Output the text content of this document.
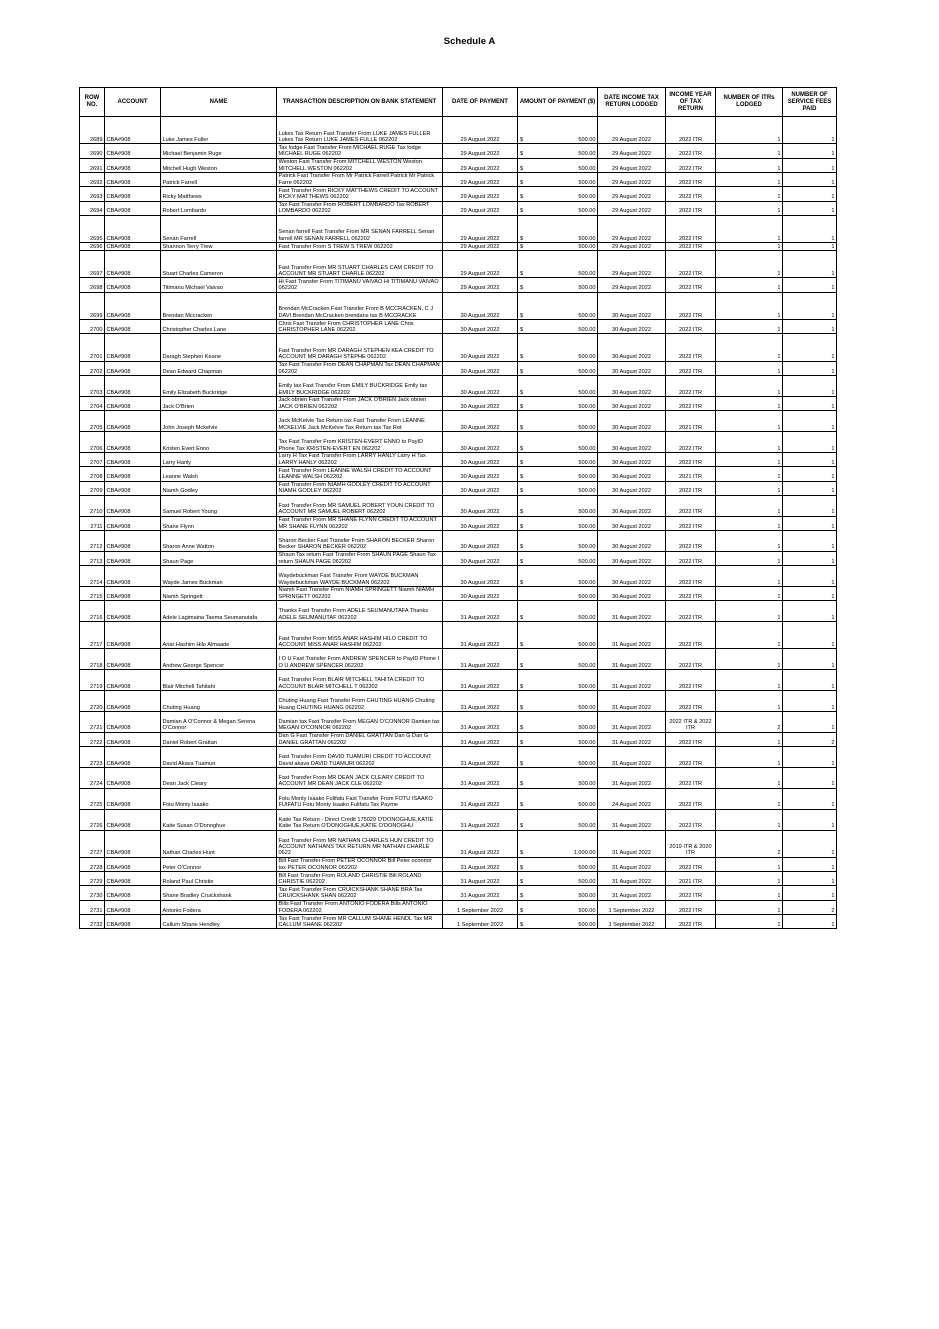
Schedule A
ROW NO.	ACCOUNT	NAME	TRANSACTION DESCRIPTION ON BANK STATEMENT	DATE OF PAYMENT	AMOUNT OF PAYMENT ($)	DATE INCOME TAX RETURN LODGED	INCOME YEAR OF TAX RETURN	NUMBER OF ITRs LODGED	NUMBER OF SERVICE FEES PAID
2689	CBA#908	Luke James Fuller	Lukes Tax Return Fast Transfer From LUKE JAMES FULLER Lukes Tax Return LUKE JAMES FULLE 062202	29 August 2022	$ 500.00	29 August 2022	2022 ITR	1	1
2690	CBA#908	Michael Benjamin Ruge	Tax lodge Fast Transfer From MICHAEL RUGE Tax lodge MICHAEL RUGE 062202	29 August 2022	$ 500.00	29 August 2022	2022 ITR	1	1
2691	CBA#908	Mitchell Hugh Weston	Weston Fast Transfer From MITCHELL WESTON Weston MITCHELL WESTON 062202	29 August 2022	$ 500.00	29 August 2022	2022 ITR	1	1
2692	CBA#908	Patrick Farrell	Patrick Fast Transfer From Mr Patrick Farrell Patrick Mr Patrick Farre 062202	29 August 2022	$ 500.00	29 August 2022	2022 ITR	1	1
2693	CBA#908	Ricky Matthews	Fast Transfer From RICKY MATTHEWS CREDIT TO ACCOUNT RICKY MATTHEWS 062202	29 August 2022	$ 500.00	29 August 2022	2022 ITR	1	1
2694	CBA#908	Robert Lombardo	Tax Fast Transfer From ROBERT LOMBARDO Tax ROBERT LOMBARDO 062202	29 August 2022	$ 500.00	29 August 2022	2022 ITR	1	1
2695	CBA#908	Senan Farrell	Senan farrell Fast Transfer From MR SENAN FARRELL Senan farrell MR SENAN FARRELL 062202	29 August 2022	$ 500.00	29 August 2022	2022 ITR	1	1
2696	CBA#908	Shannon Terry Trew	Fast Transfer From S TREW S TREW 062202	29 August 2022	$ 500.00	29 August 2022	2022 ITR	1	1
2697	CBA#908	Stuart Charles Cameron	Fast Transfer From MR STUART CHARLES CAM CREDIT TO ACCOUNT MR STUART CHARLE 062202	29 August 2022	$ 500.00	29 August 2022	2022 ITR	1	1
2698	CBA#908	Titimanu Michael Vaivao	Hi Fast Transfer From TITIMANU VAIVAO Hi TITIMANU VAIVAO 062202	29 August 2022	$ 500.00	29 August 2022	2022 ITR	1	1
2699	CBA#908	Brendan Mccracken	Brendan McCracken Fast Transfer From B MCCRACKEN, C J DAVI Brendan McCracken brendans tax B MCCRACKE	30 August 2022	$ 500.00	30 August 2022	2022 ITR	1	1
2700	CBA#908	Christopher Charles Lane	Chris Fast Transfer From CHRISTOPHER LANE Chris CHRISTOPHER LANE 062202	30 August 2022	$ 500.00	30 August 2022	2022 ITR	1	1
2701	CBA#908	Daragh Stephen Keane	Fast Transfer From MR DARAGH STEPHEN KEA CREDIT TO ACCOUNT MR DARAGH STEPHE 062202	30 August 2022	$ 500.00	30 August 2022	2022 ITR	1	1
2702	CBA#908	Dean Edward Chapman	Tax Fast Transfer From DEAN CHAPMAN Tax DEAN CHAPMAN 062202	30 August 2022	$ 500.00	30 August 2022	2022 ITR	1	1
2703	CBA#908	Emily Elizabeth Buckridge	Emily tax Fast Transfer From EMILY BUCKRIDGE Emily tax EMILY BUCKRIDGE 062202	30 August 2022	$ 500.00	30 August 2022	2022 ITR	1	1
2704	CBA#908	Jack O'Brien	Jack obrien Fast Transfer From JACK O'BRIEN Jack obrien JACK O'BRIEN 062202	30 August 2022	$ 500.00	30 August 2022	2022 ITR	1	1
2705	CBA#908	John Joseph Mckelvie	Jack McKelvie Tax Return tax Fast Transfer From LEANNE MCKELVIE Jack McKelvie Tax Return tax Tax Ret	30 August 2022	$ 500.00	30 August 2022	2021 ITR	1	1
2706	CBA#908	Kristen Evert Enno	Tax Fast Transfer From KRISTEN-EVERT ENNO to PayID Phone Tax KRISTEN-EVERT EN 062202	30 August 2022	$ 500.00	30 August 2022	2022 ITR	1	1
2707	CBA#908	Larry Hanly	Larry H Tax Fast Transfer From LARRY HANLY Larry H Tax LARRY HANLY 062202	30 August 2022	$ 500.00	30 August 2022	2022 ITR	1	1
2708	CBA#908	Leanne Walsh	Fast Transfer From LEANNE WALSH CREDIT TO ACCOUNT LEANNE WALSH 062202	30 August 2022	$ 500.00	30 August 2022	2021 ITR	1	1
2709	CBA#908	Niamh Godley	Fast Transfer From NIAMH GODLEY CREDIT TO ACCOUNT NIAMH GODLEY 062202	30 August 2022	$ 500.00	30 August 2022	2022 ITR	1	1
2710	CBA#908	Samuel Robert Young	Fast Transfer From MR SAMUEL ROBERT YOUN CREDIT TO ACCOUNT MR SAMUEL ROBERT 062202	30 August 2022	$ 500.00	30 August 2022	2022 ITR	1	1
2711	CBA#908	Shane Flynn	Fast Transfer From MR SHANE FLYNN CREDIT TO ACCOUNT MR SHANE FLYNN 062202	30 August 2022	$ 500.00	30 August 2022	2022 ITR	1	1
2712	CBA#908	Sharon Anne Watton	Sharon Becker Fast Transfer From SHARON BECKER Sharon Becker SHARON BECKER 062202	30 August 2022	$ 500.00	30 August 2022	2022 ITR	1	1
2713	CBA#908	Shaun Page	Shaun Tax return Fast Transfer From SHAUN PAGE Shaun Tax return SHAUN PAGE 062202	30 August 2022	$ 500.00	30 August 2022	2022 ITR	1	1
2714	CBA#908	Wayde James Buckman	Waydebuckman Fast Transfer From WAYDE BUCKMAN Waydebuckman WAYDE BUCKMAN 062202	30 August 2022	$ 500.00	30 August 2022	2022 ITR	1	1
2715	CBA#908	Niamh Springett	Niamh Fast Transfer From NIAMH SPRINGETT Niamh NIAMH SPRINGETT 062202	30 August 2022	500.00	30 August 2022	2022 ITR	1	1
2716	CBA#908	Adele Lagimaina Taema Seumanutafa	Thanks Fast Transfer From ADELE SEUMANUTAFA Thanks ADELE SEUMANUTAF 062202	31 August 2022	$ 500.00	31 August 2022	2022 ITR	1	1
2717	CBA#908	Anar Hashim Hilo Almaade	Fast Transfer From MISS ANAR HASHIM HILO CREDIT TO ACCOUNT MISS ANAR HASHIM 062202	31 August 2022	$ 500.00	31 August 2022	2022 ITR	1	1
2718	CBA#908	Andrew George Spencer	I O U Fast Transfer From ANDREW SPENCER to PayID Phone I O U ANDREW SPENCER 062202	31 August 2022	$ 500.00	31 August 2022	2022 ITR	1	1
2719	CBA#908	Blair Mitchell Tahitahi	Fast Transfer From BLAIR MITCHELL TAHITA CREDIT TO ACCOUNT BLAIR MITCHELL T 062202	31 August 2022	$ 500.00	31 August 2022	2022 ITR	1	1
2720	CBA#908	Chuting Huang	Chuting Huang Fast Transfer From CHUTING HUANG Chuting Huang CHUTING HUANG 062202	31 August 2022	$ 500.00	31 August 2022	2022 ITR	1	1
2721	CBA#908	Damian A O'Connor & Megan Serena O'Connor	Damian tax Fast Transfer From MEGAN O'CONNOR Damian tax MEGAN O'CONNOR 062202	31 August 2022	$ 500.00	31 August 2022	2022 ITR & 2022 ITR	2	1
2722	CBA#908	Daniel Robert Grattan	Dan G Fast Transfer From DANIEL GRATTAN Dan G Dan G DANIEL GRATTAN 062202	31 August 2022	$ 500.00	31 August 2022	2022 ITR	1	2
2723	CBA#908	David Akava Tuamuri	Fast Transfer From DAVID TUAMURI CREDIT TO ACCOUNT David akava DAVID TUAMURI 062202	31 August 2022	$ 500.00	31 August 2022	2022 ITR	1	1
2724	CBA#908	Dean Jack Cleary	Fast Transfer From MR DEAN JACK CLEARY CREDIT TO ACCOUNT MR DEAN JACK CLE 062202	31 August 2022	$ 500.00	31 August 2022	2022 ITR	1	1
2725	CBA#908	Fotu Monty Isaako	Fotu Monty Isaako Fulifatu Fast Transfer From FOTU ISAAKO FUIFATU Fotu Monty Isaako Fulifatu Tax Payme	31 August 2022	$ 500.00	24 August 2022	2022 ITR	1	1
2726	CBA#908	Katie Susan O'Donoghue	Katie Tax Return - Direct Credit 175029 O'DONOGHUE,KATIE Katie Tax Return O'DONOGHUE,KATIE O'DONOGHU	31 August 2022	$ 500.00	31 August 2022	2022 ITR	1	1
2727	CBA#908	Nathan Charles Hunt	Fast Transfer From MR NATHAN CHARLES HUN CREDIT TO ACCOUNT NATHANS TAX RETURN MR NATHAN CHARLE 0622	31 August 2022	$ 1,000.00	31 August 2022	2019 ITR & 2020 ITR	2	1
2728	CBA#908	Peter O'Connor	Bill Fast Transfer From PETER OCONNOR Bill Peter oconnor tax PETER OCONNOR 062202	31 August 2022	$ 500.00	31 August 2022	2022 ITR	1	1
2729	CBA#908	Roland Paul Christie	Bill Fast Transfer From ROLAND CHRISTIE Bill ROLAND CHRISTIE 062202	31 August 2022	$ 500.00	31 August 2022	2021 ITR	1	1
2730	CBA#908	Shane Bradley Cruickshank	Tax Fast Transfer From CRUICKSHANK SHANE BRA Tax CRUICKSHANK SHAN 062202	31 August 2022	$ 500.00	31 August 2022	2022 ITR	1	1
2731	CBA#908	Antonio Fodera	Bills Fast Transfer From ANTONIO FODERA Bills ANTONIO FODERA 062202	1 September 2022	$ 500.00	1 September 2022	2022 ITR	1	2
2732	CBA#908	Callum Shane Hendley	Tax Fast Transfer From MR CALLUM SHANE HENDL Tax MR CALLUM SHANE 062202	1 September 2022	$ 500.00	1 September 2022	2022 ITR	1	1
